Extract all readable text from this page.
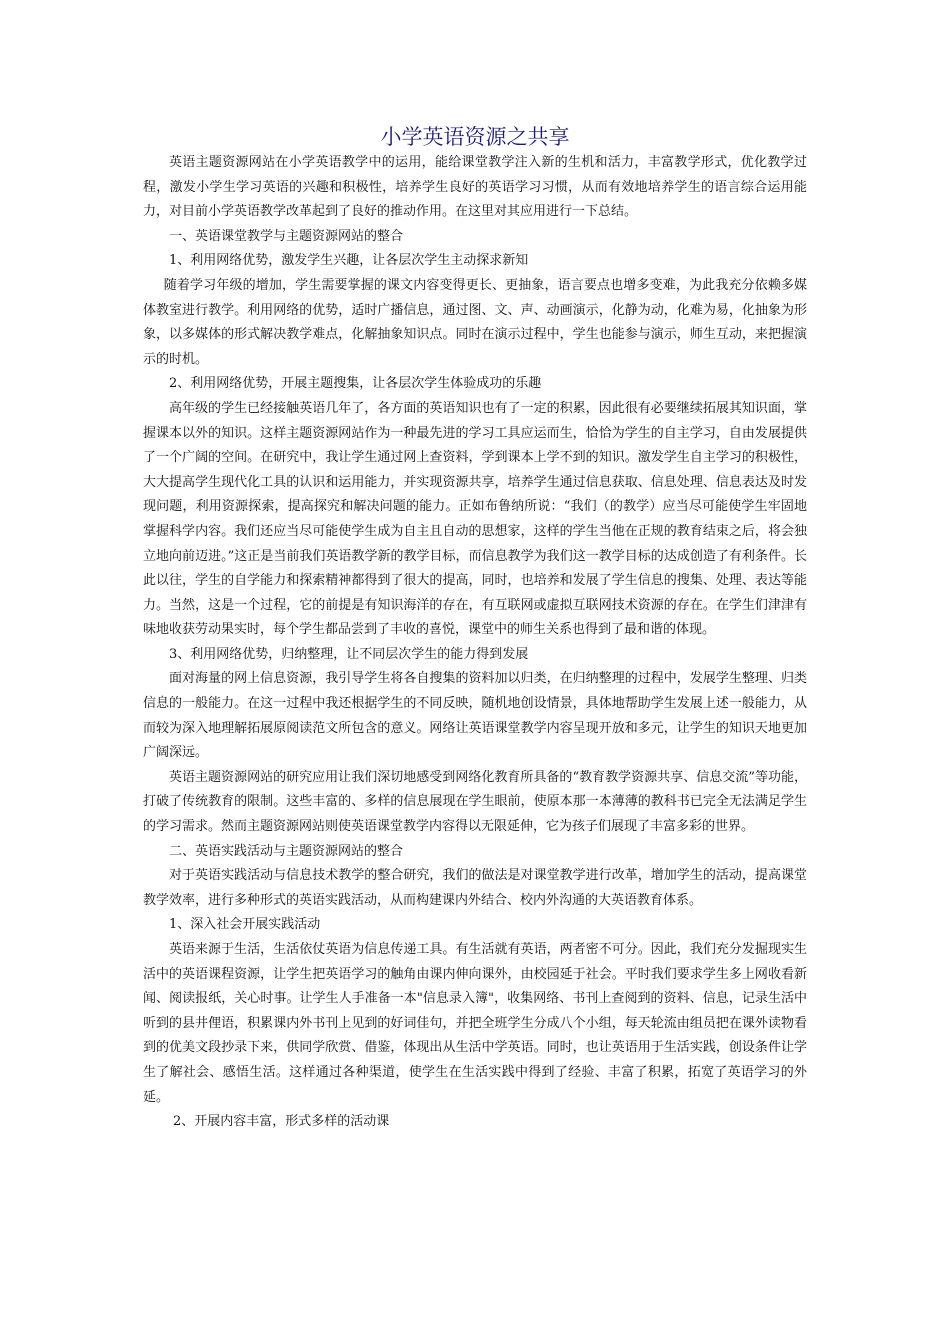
小学英语资源之共享

英语主题资源网站在小学英语教学中的运用，能给课堂教学注入新的生机和活力，丰富教学形式，优化教学过程，激发小学生学习英语的兴趣和积极性，培养学生良好的英语学习习惯，从而有效地培养学生的语言综合运用能力，对目前小学英语教学改革起到了良好的推动作用。在这里对其应用进行一下总结。

一、英语课堂教学与主题资源网站的整合

1、利用网络优势，激发学生兴趣，让各层次学生主动探求新知

随着学习年级的增加，学生需要掌握的课文内容变得更长、更抽象，语言要点也增多变难，为此我充分依赖多媒体教室进行教学。利用网络的优势，适时广播信息，通过图、文、声、动画演示，化静为动，化难为易，化抽象为形象，以多媒体的形式解决教学难点，化解抽象知识点。同时在演示过程中，学生也能参与演示，师生互动，来把握演示的时机。

2、利用网络优势，开展主题搜集，让各层次学生体验成功的乐趣

高年级的学生已经接触英语几年了，各方面的英语知识也有了一定的积累，因此很有必要继续拓展其知识面，掌握课本以外的知识。这样主题资源网站作为一种最先进的学习工具应运而生，恰恰为学生的自主学习，自由发展提供了一个广阔的空间。在研究中，我让学生通过网上查资料，学到课本上学不到的知识。激发学生自主学习的积极性，大大提高学生现代化工具的认识和运用能力，并实现资源共享，培养学生通过信息获取、信息处理、信息表达及时发现问题，利用资源探索，提高探究和解决问题的能力。正如布鲁纳所说：“我们（的教学）应当尽可能使学生牢固地掌握科学内容。我们还应当尽可能使学生成为自主且自动的思想家，这样的学生当他在正规的教育结束之后，将会独立地向前迈进。”这正是当前我们英语教学新的教学目标，而信息教学为我们这一教学目标的达成创造了有利条件。长此以往，学生的自学能力和探索精神都得到了很大的提高，同时，也培养和发展了学生信息的搜集、处理、表达等能力。当然，这是一个过程，它的前提是有知识海洋的存在，有互联网或虚拟互联网技术资源的存在。在学生们津津有味地收获劳动果实时，每个学生都品尝到了丰收的喜悦，课堂中的师生关系也得到了最和谐的体现。

3、利用网络优势，归纳整理，让不同层次学生的能力得到发展

面对海量的网上信息资源，我引导学生将各自搜集的资料加以归类，在归纳整理的过程中，发展学生整理、归类信息的一般能力。在这一过程中我还根据学生的不同反映，随机地创设情景，具体地帮助学生发展上述一般能力，从而较为深入地理解拓展原阅读范文所包含的意义。网络让英语课堂教学内容呈现开放和多元，让学生的知识天地更加广阔深远。

英语主题资源网站的研究应用让我们深切地感受到网络化教育所具备的“教育教学资源共享、信息交流”等功能，打破了传统教育的限制。这些丰富的、多样的信息展现在学生眼前，使原本那一本薄薄的教科书已完全无法满足学生的学习需求。然而主题资源网站则使英语课堂教学内容得以无限延伸，它为孩子们展现了丰富多彩的世界。

二、英语实践活动与主题资源网站的整合

对于英语实践活动与信息技术教学的整合研究，我们的做法是对课堂教学进行改革，增加学生的活动，提高课堂教学效率，进行多种形式的英语实践活动，从而构建课内外结合、校内外沟通的大英语教育体系。

1、深入社会开展实践活动

英语来源于生活，生活依仗英语为信息传递工具。有生活就有英语，两者密不可分。因此，我们充分发掘现实生活中的英语课程资源，让学生把英语学习的触角由课内伸向课外，由校园延于社会。平时我们要求学生多上网收看新闻、阅读报纸，关心时事。让学生人手准备一本"信息录入簿"，收集网络、书刊上查阅到的资料、信息，记录生活中听到的县井俚语，积累课内外书刊上见到的好词佳句，并把全班学生分成八个小组，每天轮流由组员把在课外读物看到的优美文段抄录下来，供同学欣赏、借鉴，体现出从生活中学英语。同时，也让英语用于生活实践，创设条件让学生了解社会、感悟生活。这样通过各种渠道，使学生在生活实践中得到了经验、丰富了积累，拓宽了英语学习的外延。

2、开展内容丰富，形式多样的活动课
